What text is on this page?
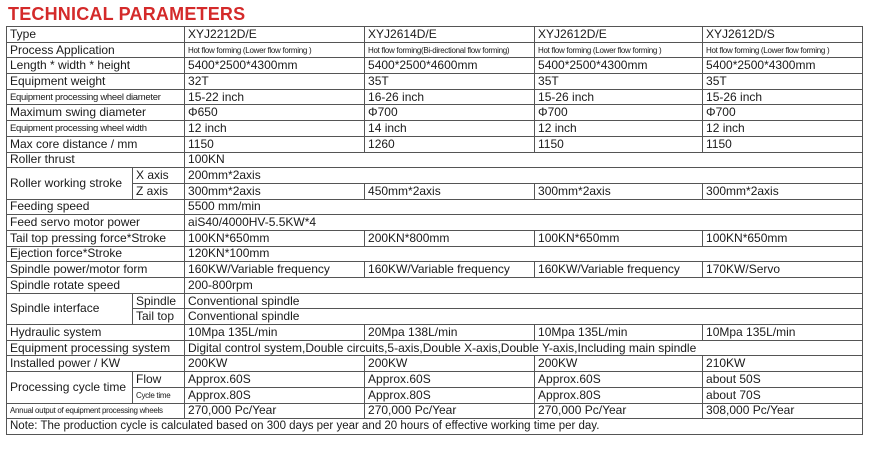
TECHNICAL PARAMETERS
Type		XYJ2212D/E	XYJ2614D/E	XYJ2612D/E	XYJ2612D/S
Process Application		Hot flow forming (Lower flow forming )	Hot flow forming(Bi-directional flow forming)	Hot flow forming (Lower flow forming )	Hot flow forming (Lower flow forming )
Length * width * height		5400*2500*4300mm	5400*2500*4600mm	5400*2500*4300mm	5400*2500*4300mm
Equipment weight		32T	35T	35T	35T
Equipment processing wheel diameter		15-22 inch	16-26 inch	15-26 inch	15-26 inch
Maximum swing diameter		Φ650	Φ700	Φ700	Φ700
Equipment processing wheel width		12 inch	14 inch	12 inch	12 inch
Max core distance / mm		1150	1260	1150	1150
Roller thrust		100KN			
Roller working stroke	X axis	200mm*2axis			
	Z axis	300mm*2axis	450mm*2axis	300mm*2axis	300mm*2axis
Feeding speed		5500 mm/min			
Feed servo motor power		aiS40/4000HV-5.5KW*4			
Tail top pressing force*Stroke		100KN*650mm	200KN*800mm	100KN*650mm	100KN*650mm
Ejection force*Stroke		120KN*100mm			
Spindle power/motor form		160KW/Variable frequency	160KW/Variable frequency	160KW/Variable frequency	170KW/Servo
Spindle rotate speed		200-800rpm			
Spindle interface	Spindle	Conventional spindle			
	Tail top	Conventional spindle			
Hydraulic system		10Mpa 135L/min	20Mpa 138L/min	10Mpa 135L/min	10Mpa 135L/min
Equipment processing system		Digital control system,Double circuits,5-axis,Double X-axis,Double Y-axis,Including main spindle			
Installed power / KW		200KW	200KW	200KW	210KW
Processing cycle time	Flow	Approx.60S	Approx.60S	Approx.60S	about 50S
	Cycle time	Approx.80S	Approx.80S	Approx.80S	about 70S
Annual output of equipment processing wheels		270,000 Pc/Year	270,000 Pc/Year	270,000 Pc/Year	308,000 Pc/Year
Note: The production cycle is calculated based on 300 days per year and 20 hours of effective working time per day.					
